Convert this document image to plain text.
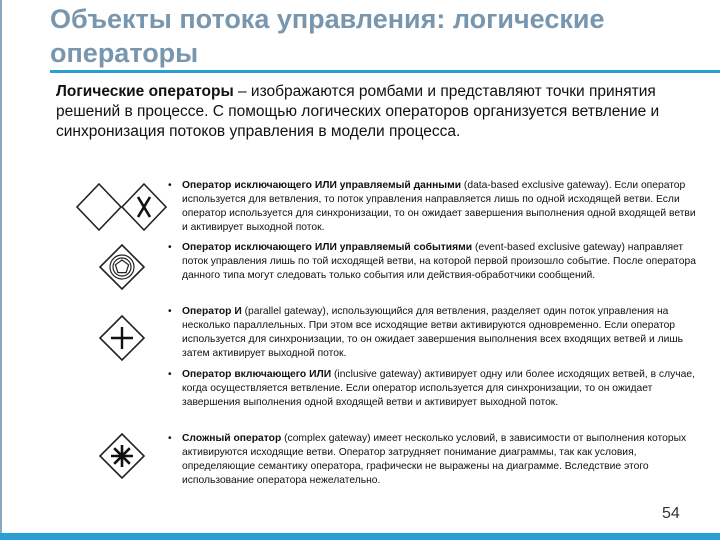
Объекты потока управления: логические операторы

Логические операторы – изображаются ромбами и представляют точки принятия решений в процессе. С помощью логических операторов организуется ветвление и синхронизация потоков управления в модели процесса.

•	Оператор исключающего ИЛИ управляемый данными (data-based exclusive gateway). Если оператор используется для ветвления, то поток управления направляется лишь по одной исходящей ветви. Если оператор используется для синхронизации, то он ожидает завершения выполнения одной входящей ветви и активирует выходной поток.
•	Оператор исключающего ИЛИ управляемый событиями (event-based exclusive gateway) направляет поток управления лишь по той исходящей ветви, на которой первой произошло событие. После оператора данного типа могут следовать только события или действия-обработчики сообщений.
•	Оператор И (parallel gateway), использующийся для ветвления, разделяет один поток управления на несколько параллельных. При этом все исходящие ветви активируются одновременно. Если оператор используется для синхронизации, то он ожидает завершения выполнения всех входящих ветвей и лишь затем активирует выходной поток.
•	Оператор включающего ИЛИ (inclusive gateway) активирует одну или более исходящих ветвей, в случае, когда осуществляется ветвление. Если оператор используется для синхронизации, то он ожидает завершения выполнения одной входящей ветви и активирует выходной поток.
•	Сложный оператор (complex gateway) имеет несколько условий, в зависимости от выполнения которых активируются исходящие ветви. Оператор затрудняет понимание диаграммы, так как условия, определяющие семантику оператора, графически не выражены на диаграмме. Вследствие этого использование оператора нежелательно.
54
